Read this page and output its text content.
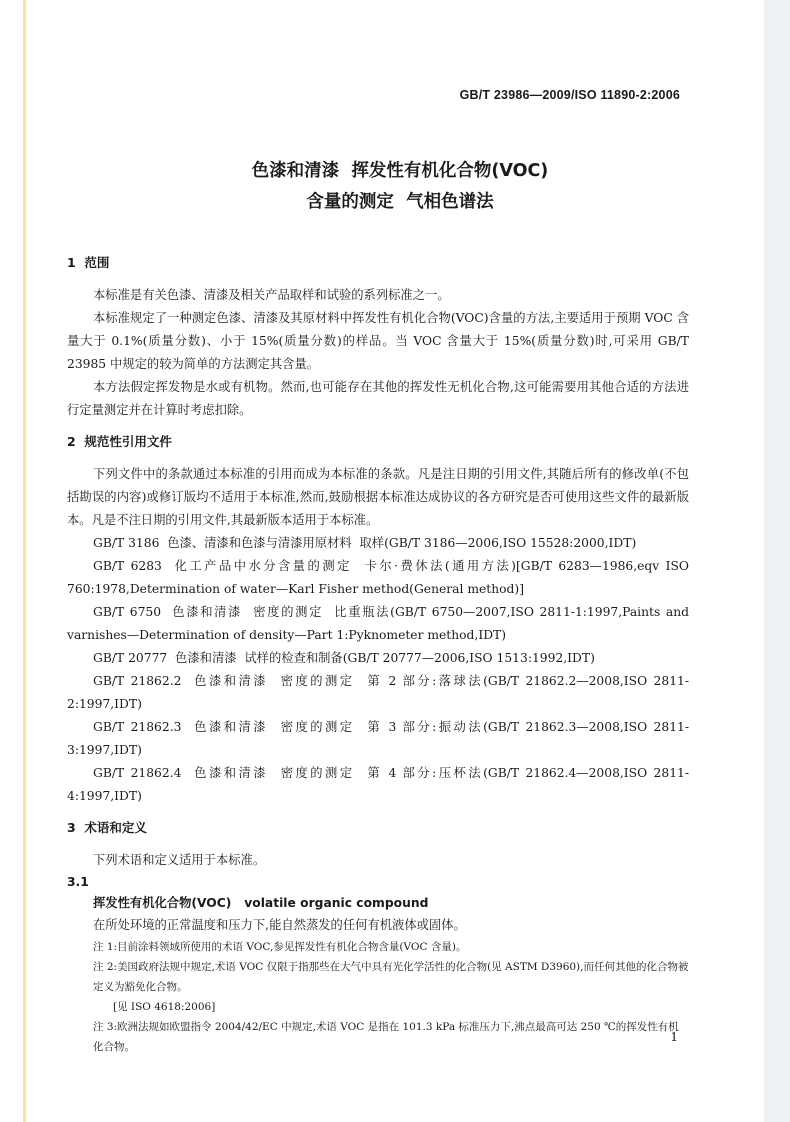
GB/T 23986—2009/ISO 11890-2:2006
色漆和清漆  挥发性有机化合物(VOC)
含量的测定  气相色谱法
1  范围

本标准是有关色漆、清漆及相关产品取样和试验的系列标准之一。

本标准规定了一种测定色漆、清漆及其原材料中挥发性有机化合物(VOC)含量的方法,主要适用于预期 VOC 含量大于 0.1%(质量分数)、小于 15%(质量分数)的样品。当 VOC 含量大于 15%(质量分数)时,可采用 GB/T 23985 中规定的较为简单的方法测定其含量。

本方法假定挥发物是水或有机物。然而,也可能存在其他的挥发性无机化合物,这可能需要用其他合适的方法进行定量测定并在计算时考虑扣除。

2  规范性引用文件

下列文件中的条款通过本标准的引用而成为本标准的条款。凡是注日期的引用文件,其随后所有的修改单(不包括勘误的内容)或修订版均不适用于本标准,然而,鼓励根据本标准达成协议的各方研究是否可使用这些文件的最新版本。凡是不注日期的引用文件,其最新版本适用于本标准。

GB/T 3186  色漆、清漆和色漆与清漆用原材料  取样(GB/T 3186—2006,ISO 15528:2000,IDT)

GB/T 6283  化工产品中水分含量的测定  卡尔·费休法(通用方法)[GB/T 6283—1986,eqv ISO 760:1978,Determination of water—Karl Fisher method(General method)]

GB/T 6750  色漆和清漆  密度的测定  比重瓶法(GB/T 6750—2007,ISO 2811-1:1997,Paints and varnishes—Determination of density—Part 1:Pyknometer method,IDT)

GB/T 20777  色漆和清漆  试样的检查和制备(GB/T 20777—2006,ISO 1513:1992,IDT)

GB/T 21862.2  色漆和清漆  密度的测定  第 2 部分:落球法(GB/T 21862.2—2008,ISO 2811-2:1997,IDT)

GB/T 21862.3  色漆和清漆  密度的测定  第 3 部分:振动法(GB/T 21862.3—2008,ISO 2811-3:1997,IDT)

GB/T 21862.4  色漆和清漆  密度的测定  第 4 部分:压杯法(GB/T 21862.4—2008,ISO 2811-4:1997,IDT)

3  术语和定义

下列术语和定义适用于本标准。

3.1
挥发性有机化合物(VOC)   volatile organic compound

在所处环境的正常温度和压力下,能自然蒸发的任何有机液体或固体。

注 1:目前涂料领域所使用的术语 VOC,参见挥发性有机化合物含量(VOC 含量)。
注 2:美国政府法规中规定,术语 VOC 仅限于指那些在大气中具有光化学活性的化合物(见 ASTM D3960),而任何其他的化合物被定义为豁免化合物。
[见 ISO 4618:2006]
注 3:欧洲法规如欧盟指令 2004/42/EC 中规定,术语 VOC 是指在 101.3 kPa 标准压力下,沸点最高可达 250 ℃的挥发性有机化合物。
1
